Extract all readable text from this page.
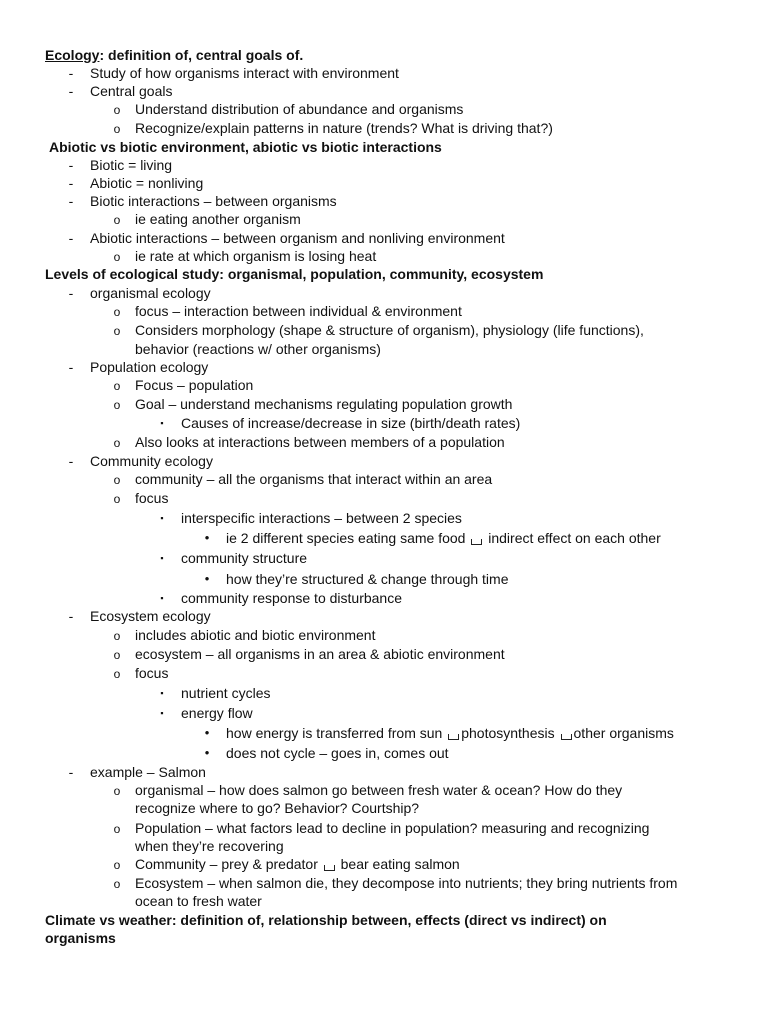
Ecology: definition of, central goals of.
-	Study of how organisms interact with environment
-	Central goals
o Understand distribution of abundance and organisms
o Recognize/explain patterns in nature (trends? What is driving that?)
Abiotic vs biotic environment, abiotic vs biotic interactions
-	Biotic = living
-	Abiotic = nonliving
-	Biotic interactions – between organisms
o ie eating another organism
-	Abiotic interactions – between organism and nonliving environment
o ie rate at which organism is losing heat
Levels of ecological study: organismal, population, community, ecosystem
-	organismal ecology
o focus – interaction between individual & environment
o Considers morphology (shape & structure of organism), physiology (life functions),
behavior (reactions w/ other organisms)
-	Population ecology
o Focus – population
o Goal – understand mechanisms regulating population growth
▪	Causes of increase/decrease in size (birth/death rates)
o Also looks at interactions between members of a population
-	Community ecology
o community – all the organisms that interact within an area
o focus
▪	interspecific interactions – between 2 species
•	ie 2 different species eating same food  indirect effect on each other
▪	community structure
•	how they’re structured & change through time
▪	community response to disturbance
-	Ecosystem ecology
o includes abiotic and biotic environment
o ecosystem – all organisms in an area & abiotic environment
o focus
▪	nutrient cycles
▪	energy flow
•	how energy is transferred from sun photosynthesis other organisms
•	does not cycle – goes in, comes out
-	example – Salmon
o organismal – how does salmon go between fresh water & ocean? How do they
recognize where to go? Behavior? Courtship?
o Population – what factors lead to decline in population? measuring and recognizing
when they’re recovering
o Community – prey & predator  bear eating salmon
o Ecosystem – when salmon die, they decompose into nutrients; they bring nutrients from
ocean to fresh water
Climate vs weather: definition of, relationship between, effects (direct vs indirect) on
organisms
